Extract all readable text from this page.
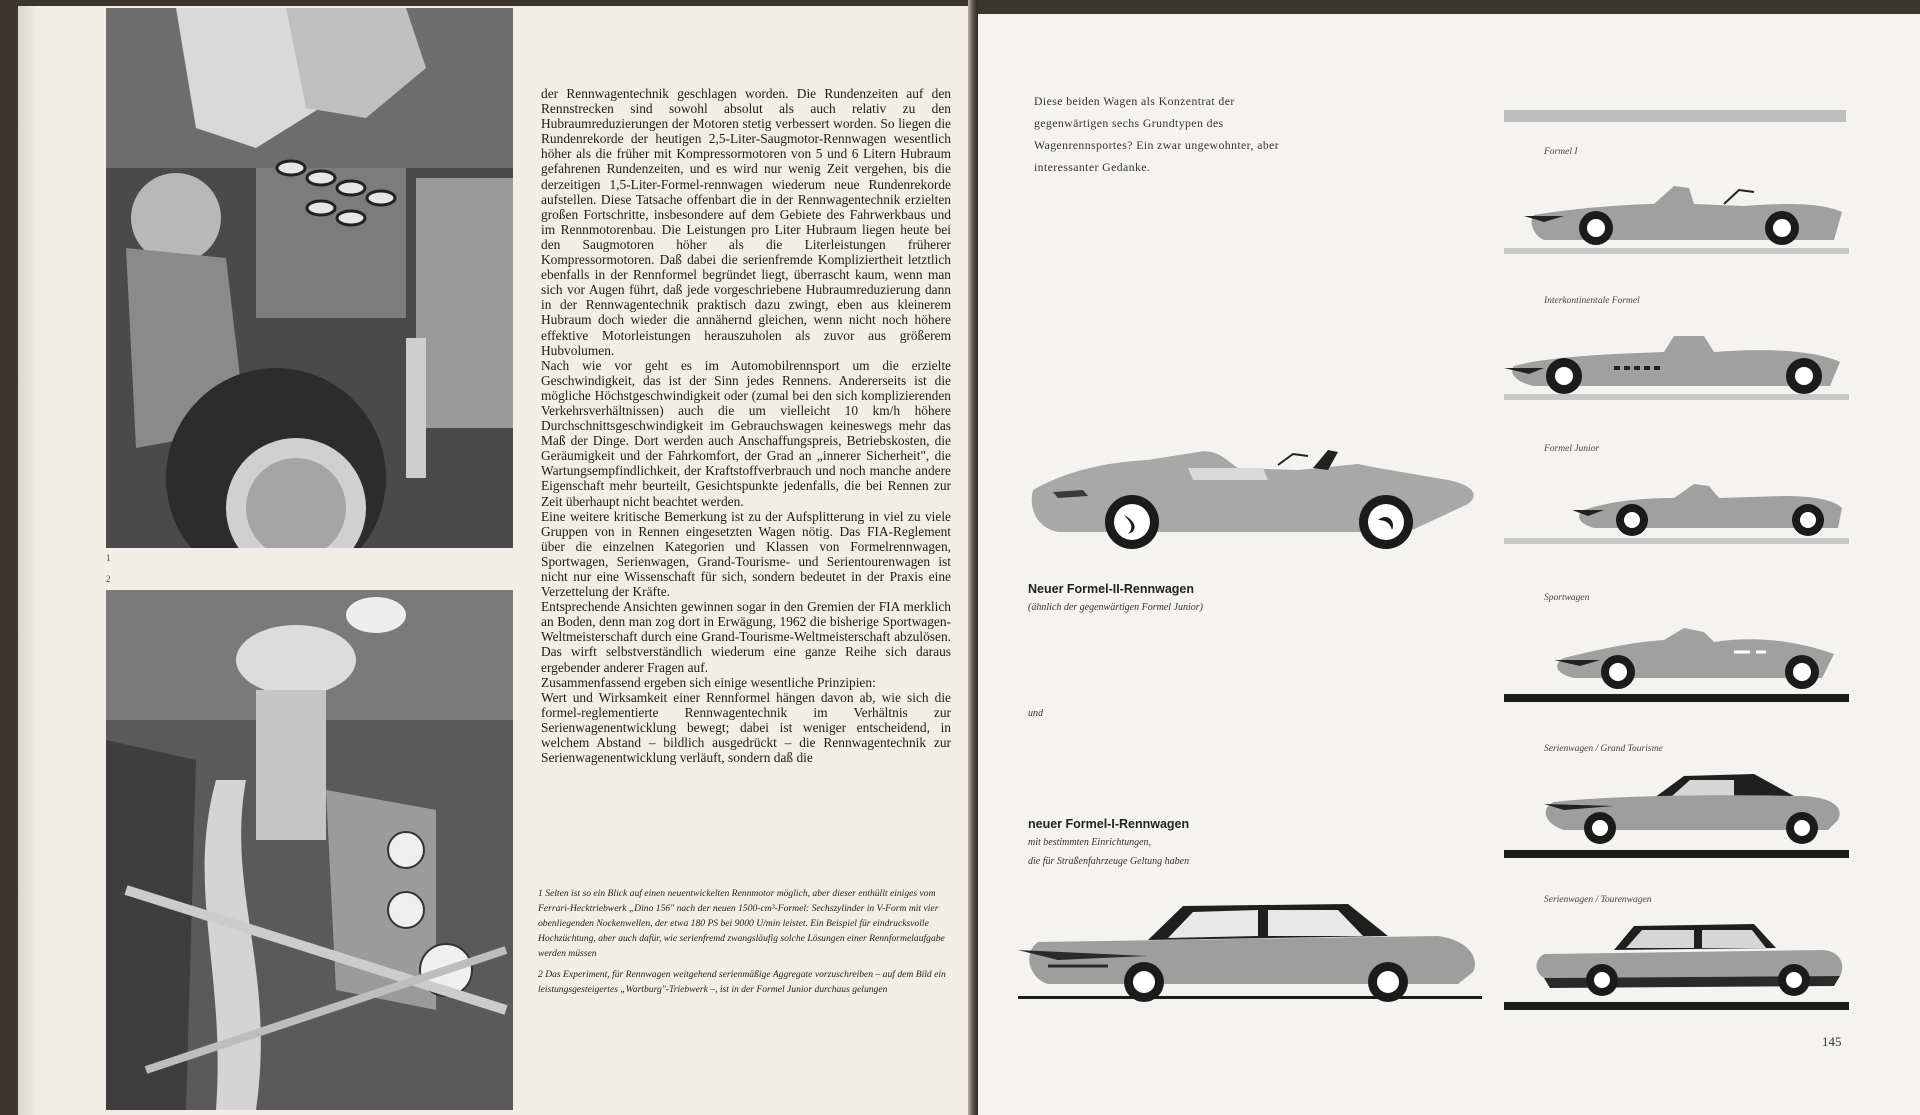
1
2

der Rennwagentechnik geschlagen worden. Die Rundenzeiten auf den Rennstrecken sind sowohl absolut als auch relativ zu den Hubraumreduzierungen der Motoren stetig verbessert worden. So liegen die Rundenrekorde der heutigen 2,5-Liter-Saugmotor-Rennwagen wesentlich höher als die früher mit Kompressormotoren von 5 und 6 Litern Hubraum gefahrenen Rundenzeiten, und es wird nur wenig Zeit vergehen, bis die derzeitigen 1,5-Liter-Formel-rennwagen wiederum neue Rundenrekorde aufstellen. Diese Tatsache offenbart die in der Rennwagentechnik erzielten großen Fortschritte, insbesondere auf dem Gebiete des Fahrwerkbaus und im Rennmotorenbau. Die Leistungen pro Liter Hubraum liegen heute bei den Saugmotoren höher als die Literleistungen früherer Kompressormotoren. Daß dabei die serienfremde Kompliziertheit letztlich ebenfalls in der Rennformel begründet liegt, überrascht kaum, wenn man sich vor Augen führt, daß jede vorgeschriebene Hubraumreduzierung dann in der Rennwagentechnik praktisch dazu zwingt, eben aus kleinerem Hubraum doch wieder die annähernd gleichen, wenn nicht noch höhere effektive Motorleistungen herauszuholen als zuvor aus größerem Hubvolumen.

Nach wie vor geht es im Automobilrennsport um die erzielte Geschwindigkeit, das ist der Sinn jedes Rennens. Andererseits ist die mögliche Höchstgeschwindigkeit oder (zumal bei den sich komplizierenden Verkehrsverhältnissen) auch die um vielleicht 10 km/h höhere Durchschnittsgeschwindigkeit im Gebrauchswagen keineswegs mehr das Maß der Dinge. Dort werden auch Anschaffungspreis, Betriebskosten, die Geräumigkeit und der Fahrkomfort, der Grad an „innerer Sicherheit", die Wartungsempfindlichkeit, der Kraftstoffverbrauch und noch manche andere Eigenschaft mehr beurteilt, Gesichtspunkte jedenfalls, die bei Rennen zur Zeit überhaupt nicht beachtet werden.

Eine weitere kritische Bemerkung ist zu der Aufsplitterung in viel zu viele Gruppen von in Rennen eingesetzten Wagen nötig. Das FIA-Reglement über die einzelnen Kategorien und Klassen von Formelrennwagen, Sportwagen, Serienwagen, Grand-Tourisme- und Serientourenwagen ist nicht nur eine Wissenschaft für sich, sondern bedeutet in der Praxis eine Verzettelung der Kräfte.

Entsprechende Ansichten gewinnen sogar in den Gremien der FIA merklich an Boden, denn man zog dort in Erwägung, 1962 die bisherige Sportwagen-Weltmeisterschaft durch eine Grand-Tourisme-Weltmeisterschaft abzulösen. Das wirft selbstverständlich wiederum eine ganze Reihe sich daraus ergebender anderer Fragen auf.

Zusammenfassend ergeben sich einige wesentliche Prinzipien:

Wert und Wirksamkeit einer Rennformel hängen davon ab, wie sich die formel-reglementierte Rennwagentechnik im Verhältnis zur Serienwagenentwicklung bewegt; dabei ist weniger entscheidend, in welchem Abstand – bildlich ausgedrückt – die Rennwagentechnik zur Serienwagenentwicklung verläuft, sondern daß die

1 Selten ist so ein Blick auf einen neuentwickelten Rennmotor möglich, aber dieser enthüllt einiges vom Ferrari-Hecktriebwerk „Dino 156" nach der neuen 1500-cm³-Formel: Sechszylinder in V-Form mit vier obenliegenden Nockenwellen, der etwa 180 PS bei 9000 U/min leistet. Ein Beispiel für eindrucksvolle Hochzüchtung, aber auch dafür, wie serienfremd zwangsläufig solche Lösungen einer Rennformelaufgabe werden müssen

2 Das Experiment, für Rennwagen weitgehend serienmäßige Aggregate vorzuschreiben – auf dem Bild ein leistungsgesteigertes „Wartburg"-Triebwerk –, ist in der Formel Junior durchaus gelungen

Diese beiden Wagen als Konzentrat der gegenwärtigen sechs Grundtypen des Wagenrennsportes? Ein zwar ungewohnter, aber interessanter Gedanke.

Neuer Formel-II-Rennwagen
(ähnlich der gegenwärtigen Formel Junior)
und
neuer Formel-I-Rennwagen
mit bestimmten Einrichtungen,
die für Straßenfahrzeuge Geltung haben
Formel I
Interkontinentale Formel
Formel Junior
Sportwagen
Serienwagen / Grand Tourisme
Serienwagen / Tourenwagen
145
